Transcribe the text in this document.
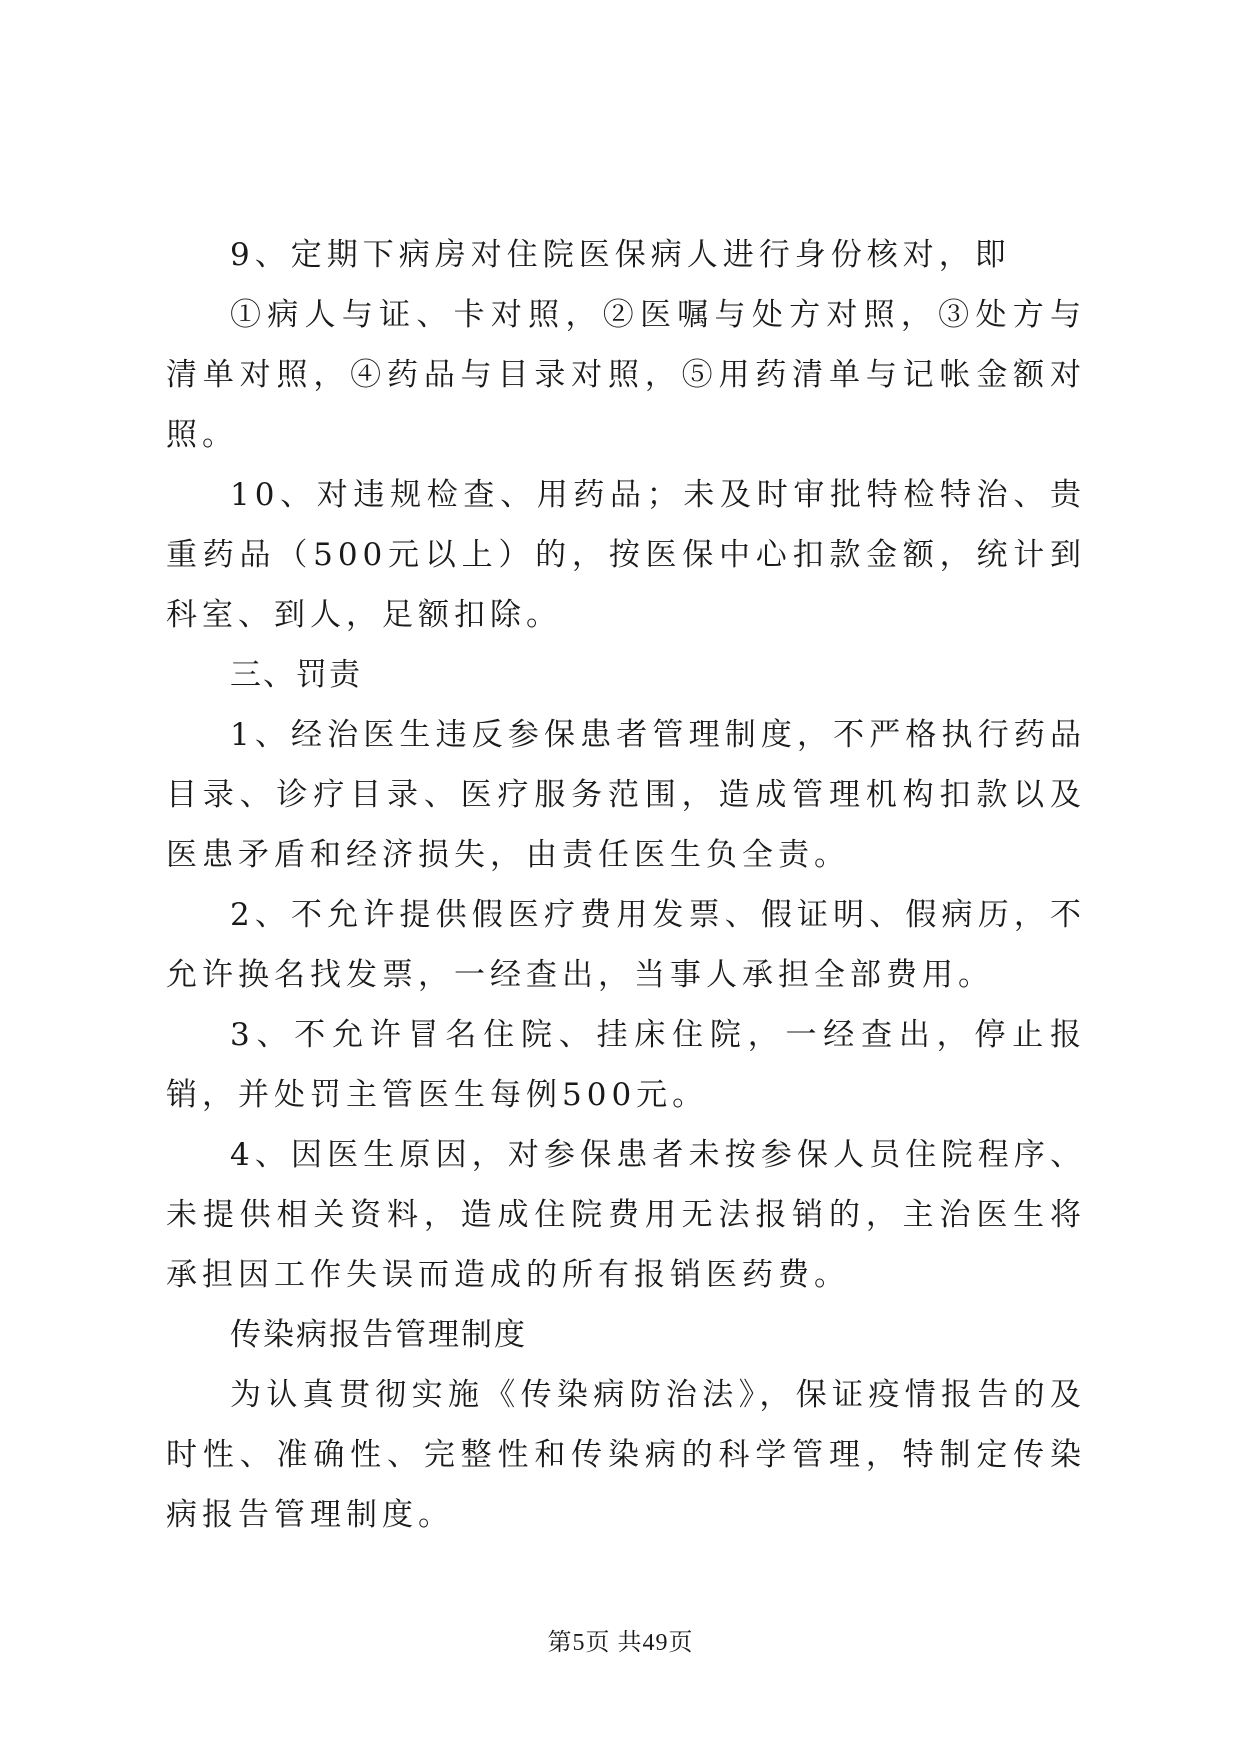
9、定期下病房对住院医保病人进行身份核对，即

①病人与证、卡对照，②医嘱与处方对照，③处方与清单对照，④药品与目录对照，⑤用药清单与记帐金额对照。

10、对违规检查、用药品；未及时审批特检特治、贵重药品（500元以上）的，按医保中心扣款金额，统计到科室、到人，足额扣除。

三、罚责

1、经治医生违反参保患者管理制度，不严格执行药品目录、诊疗目录、医疗服务范围，造成管理机构扣款以及医患矛盾和经济损失，由责任医生负全责。

2、不允许提供假医疗费用发票、假证明、假病历，不允许换名找发票，一经查出，当事人承担全部费用。

3、不允许冒名住院、挂床住院，一经查出，停止报销，并处罚主管医生每例500元。

4、因医生原因，对参保患者未按参保人员住院程序、未提供相关资料，造成住院费用无法报销的，主治医生将承担因工作失误而造成的所有报销医药费。

传染病报告管理制度

为认真贯彻实施《传染病防治法》，保证疫情报告的及时性、准确性、完整性和传染病的科学管理，特制定传染病报告管理制度。

第5页 共49页
